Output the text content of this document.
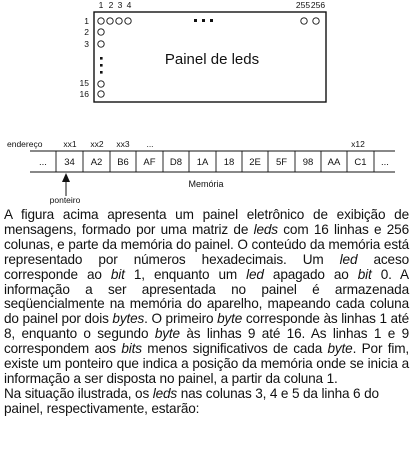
1 2 3 4	255 256
1
2
3
15
16
Painel de leds
endereço xx1 xx2 xx3 ...	x12
... 34 A2 B6 AF D8 1A 18 2E 5F 98 AA C1 ...
ponteiro
Memória

A figura acima apresenta um painel eletrônico de exibição de mensagens, formado por uma matriz de leds com 16 linhas e 256 colunas, e parte da memória do painel. O conteúdo da memória está representado por números hexadecimais. Um led aceso corresponde ao bit 1, enquanto um led apagado ao bit 0. A informação a ser apresentada no painel é armazenada seqüencialmente na memória do aparelho, mapeando cada coluna do painel por dois bytes. O primeiro byte corresponde às linhas 1 até 8, enquanto o segundo byte às linhas 9 até 16. As linhas 1 e 9 correspondem aos bits menos significativos de cada byte. Por fim, existe um ponteiro que indica a posição da memória onde se inicia a informação a ser disposta no painel, a partir da coluna 1.

Na situação ilustrada, os leds nas colunas 3, 4 e 5 da linha 6 do painel, respectivamente, estarão:
